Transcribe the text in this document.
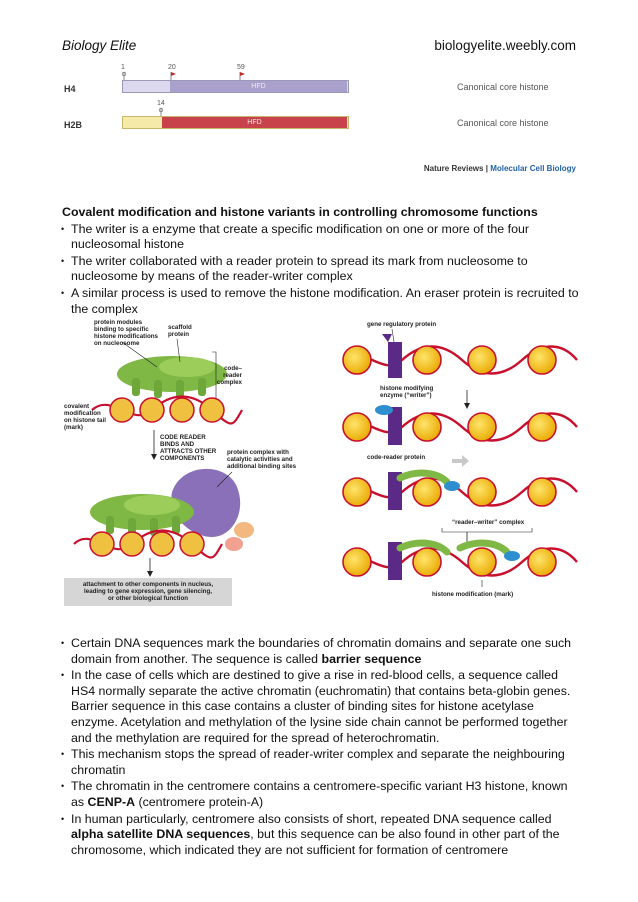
Biology Elite	biologyelite.weebly.com
H4
1	20	59
HFD	Canonical core histone
H2B
14
HFD	Canonical core histone
Nature Reviews | Molecular Cell Biology
Covalent modification and histone variants in controlling chromosome functions
• The writer is a enzyme that create a specific modification on one or more of the four nucleosomal histone
• The writer collaborated with a reader protein to spread its mark from nucleosome to nucleosome by means of the reader-writer complex
• A similar process is used to remove the histone modification. An eraser protein is recruited to the complex
protein modules binding to specific histone modifications on nucleosome
scaffold protein
code– reader complex
covalent modification on histone tail (mark)
CODE READER BINDS AND ATTRACTS OTHER COMPONENTS
protein complex with catalytic activities and additional binding sites
attachment to other components in nucleus, leading to gene expression, gene silencing, or other biological function
gene regulatory protein
histone modifying enzyme (“writer”)
code-reader protein
“reader–writer” complex
histone modification (mark)
• Certain DNA sequences mark the boundaries of chromatin domains and separate one such domain from another. The sequence is called barrier sequence
• In the case of cells which are destined to give a rise in red-blood cells, a sequence called HS4 normally separate the active chromatin (euchromatin) that contains beta-globin genes. Barrier sequence in this case contains a cluster of binding sites for histone acetylase enzyme. Acetylation and methylation of the lysine side chain cannot be performed together and the methylation are required for the spread of heterochromatin.
• This mechanism stops the spread of reader-writer complex and separate the neighbouring chromatin
• The chromatin in the centromere contains a centromere-specific variant H3 histone, known as CENP-A (centromere protein-A)
• In human particularly, centromere also consists of short, repeated DNA sequence called alpha satellite DNA sequences, but this sequence can be also found in other part of the chromosome, which indicated they are not sufficient for formation of centromere
